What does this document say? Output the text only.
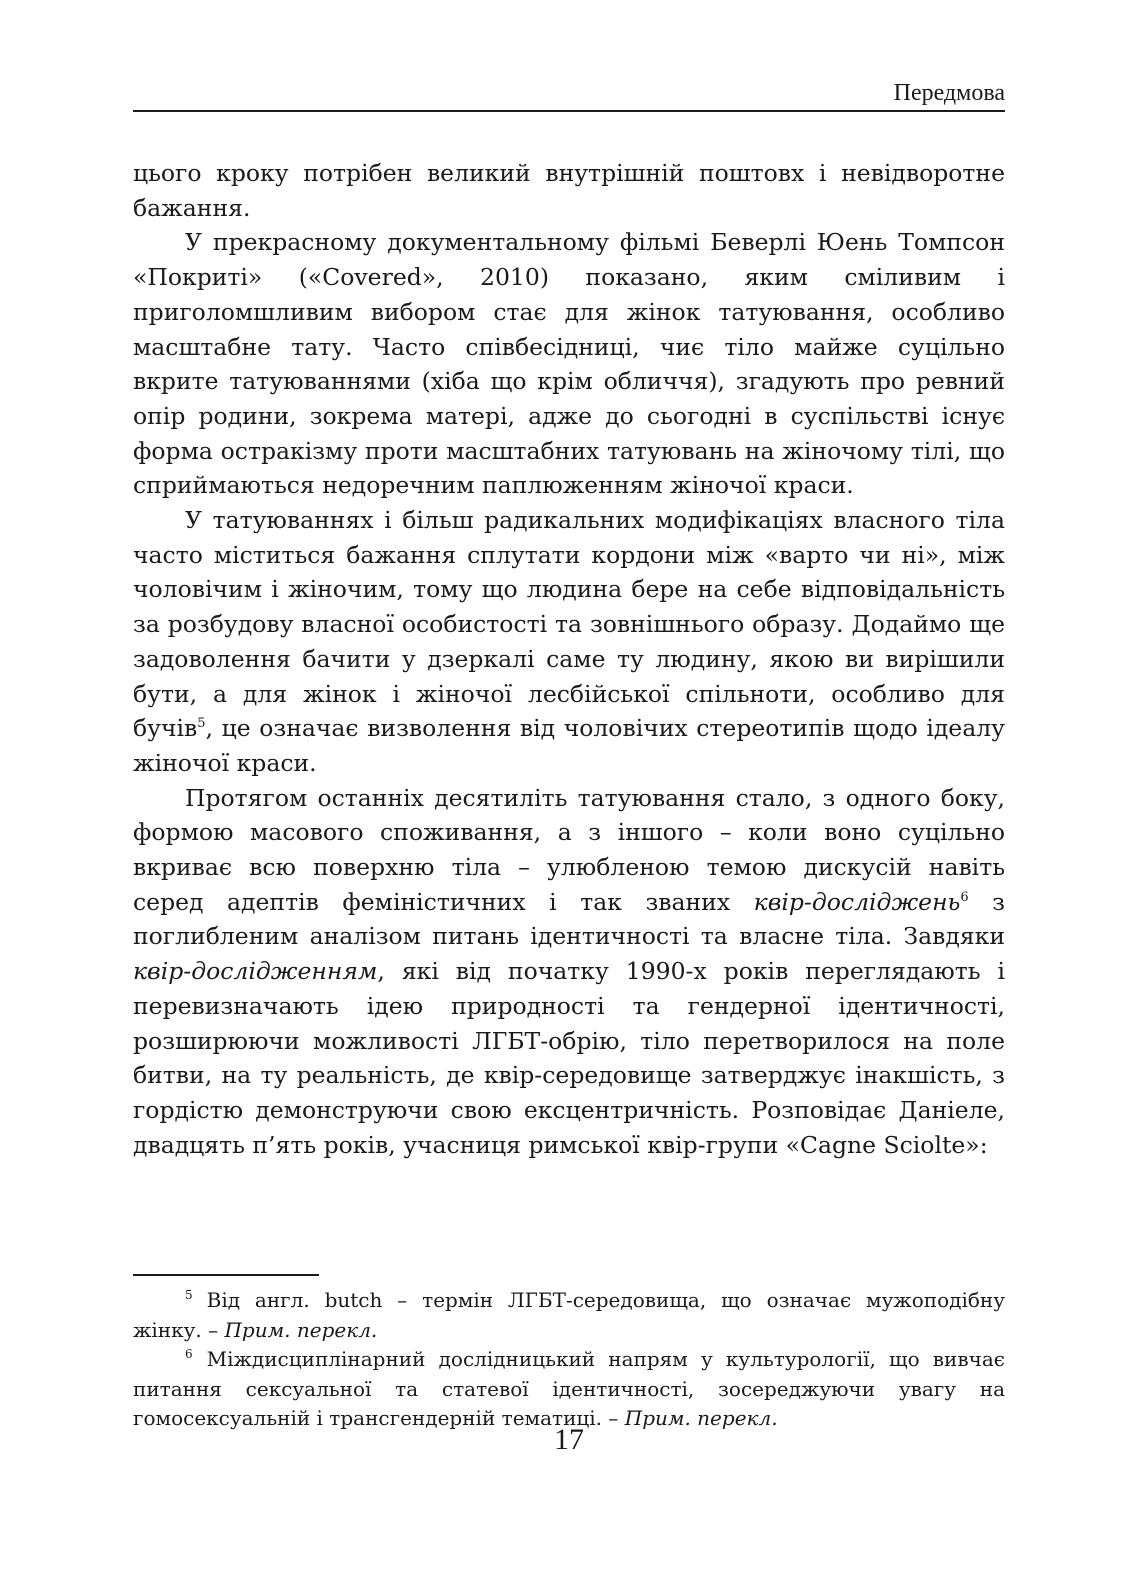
Передмова

цього кроку потрібен великий внутрішній поштовх і невідворотне бажання.

У прекрасному документальному фільмі Беверлі Юень Томпсон «Покриті» («Covered», 2010) показано, яким сміливим і приголомшливим вибором стає для жінок татуювання, особливо масштабне тату. Часто співбесідниці, чиє тіло майже суцільно вкрите татуюваннями (хіба що крім обличчя), згадують про ревний опір родини, зокрема матері, адже до сьогодні в суспільстві існує форма остракізму проти масштабних татуювань на жіночому тілі, що сприймаються недоречним паплюженням жіночої краси.

У татуюваннях і більш радикальних модифікаціях власного тіла часто міститься бажання сплутати кордони між «варто чи ні», між чоловічим і жіночим, тому що людина бере на себе відповідальність за розбудову власної особистості та зовнішнього образу. Додаймо ще задоволення бачити у дзеркалі саме ту людину, якою ви вирішили бути, а для жінок і жіночої лесбійської спільноти, особливо для бучів$^5$, це означає визволення від чоловічих стереотипів щодо ідеалу жіночої краси.

Протягом останніх десятиліть татуювання стало, з одного боку, формою масового споживання, а з іншого – коли воно суцільно вкриває всю поверхню тіла – улюбленою темою дискусій навіть серед адептів феміністичних і так званих квір-досліджень$^6$ з поглибленим аналізом питань ідентичності та власне тіла. Завдяки квір-дослідженням, які від початку 1990-х років переглядають і перевизначають ідею природності та гендерної ідентичності, розширюючи можливості ЛГБТ-обрію, тіло перетворилося на поле битви, на ту реальність, де квір-середовище затверджує інакшість, з гордістю демонструючи свою ексцентричність. Розповідає Даніеле, двадцять п’ять років, учасниця римської квір-групи «Cagne Sciolte»:

$^5$ Від англ. butch – термін ЛГБТ-середовища, що означає мужоподібну жінку. – Прим. перекл.

$^6$ Міждисциплінарний дослідницький напрям у культурології, що вивчає питання сексуальної та статевої ідентичності, зосереджуючи увагу на гомосексуальній і трансгендерній тематиці. – Прим. перекл.

17
